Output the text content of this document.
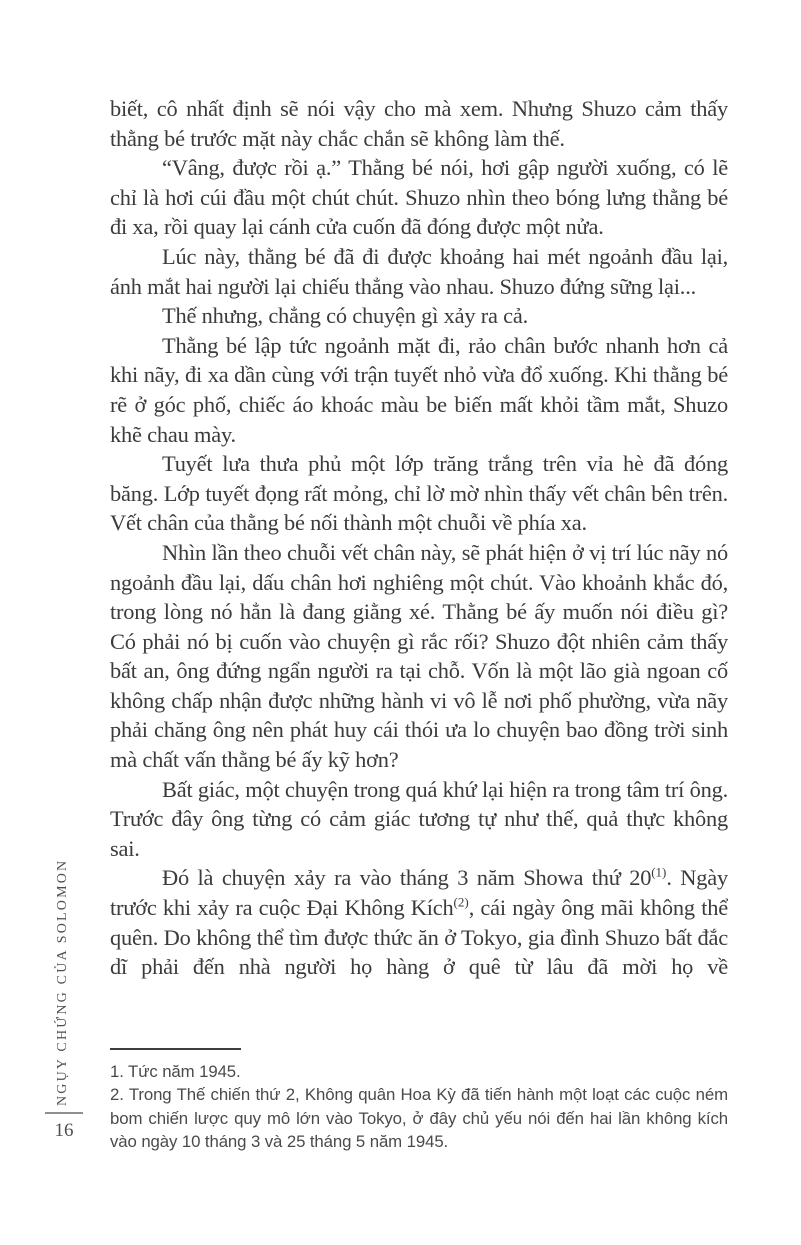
NGỤY CHỨNG CỦA SOLOMON
16

biết, cô nhất định sẽ nói vậy cho mà xem. Nhưng Shuzo cảm thấy thằng bé trước mặt này chắc chắn sẽ không làm thế.

“Vâng, được rồi ạ.” Thằng bé nói, hơi gập người xuống, có lẽ chỉ là hơi cúi đầu một chút chút. Shuzo nhìn theo bóng lưng thằng bé đi xa, rồi quay lại cánh cửa cuốn đã đóng được một nửa.

Lúc này, thằng bé đã đi được khoảng hai mét ngoảnh đầu lại, ánh mắt hai người lại chiếu thẳng vào nhau. Shuzo đứng sững lại...

Thế nhưng, chẳng có chuyện gì xảy ra cả.

Thằng bé lập tức ngoảnh mặt đi, rảo chân bước nhanh hơn cả khi nãy, đi xa dần cùng với trận tuyết nhỏ vừa đổ xuống. Khi thằng bé rẽ ở góc phố, chiếc áo khoác màu be biến mất khỏi tầm mắt, Shuzo khẽ chau mày.

Tuyết lưa thưa phủ một lớp trăng trắng trên vỉa hè đã đóng băng. Lớp tuyết đọng rất mỏng, chỉ lờ mờ nhìn thấy vết chân bên trên. Vết chân của thằng bé nối thành một chuỗi về phía xa.

Nhìn lần theo chuỗi vết chân này, sẽ phát hiện ở vị trí lúc nãy nó ngoảnh đầu lại, dấu chân hơi nghiêng một chút. Vào khoảnh khắc đó, trong lòng nó hẳn là đang giằng xé. Thằng bé ấy muốn nói điều gì? Có phải nó bị cuốn vào chuyện gì rắc rối? Shuzo đột nhiên cảm thấy bất an, ông đứng ngẩn người ra tại chỗ. Vốn là một lão già ngoan cố không chấp nhận được những hành vi vô lễ nơi phố phường, vừa nãy phải chăng ông nên phát huy cái thói ưa lo chuyện bao đồng trời sinh mà chất vấn thằng bé ấy kỹ hơn?

Bất giác, một chuyện trong quá khứ lại hiện ra trong tâm trí ông. Trước đây ông từng có cảm giác tương tự như thế, quả thực không sai.

Đó là chuyện xảy ra vào tháng 3 năm Showa thứ 20$^{(1)}$. Ngày trước khi xảy ra cuộc Đại Không Kích$^{(2)}$, cái ngày ông mãi không thể quên. Do không thể tìm được thức ăn ở Tokyo, gia đình Shuzo bất đắc dĩ phải đến nhà người họ hàng ở quê từ lâu đã mời họ về

1. Tức năm 1945.

2. Trong Thế chiến thứ 2, Không quân Hoa Kỳ đã tiến hành một loạt các cuộc ném bom chiến lược quy mô lớn vào Tokyo, ở đây chủ yếu nói đến hai lần không kích vào ngày 10 tháng 3 và 25 tháng 5 năm 1945.
